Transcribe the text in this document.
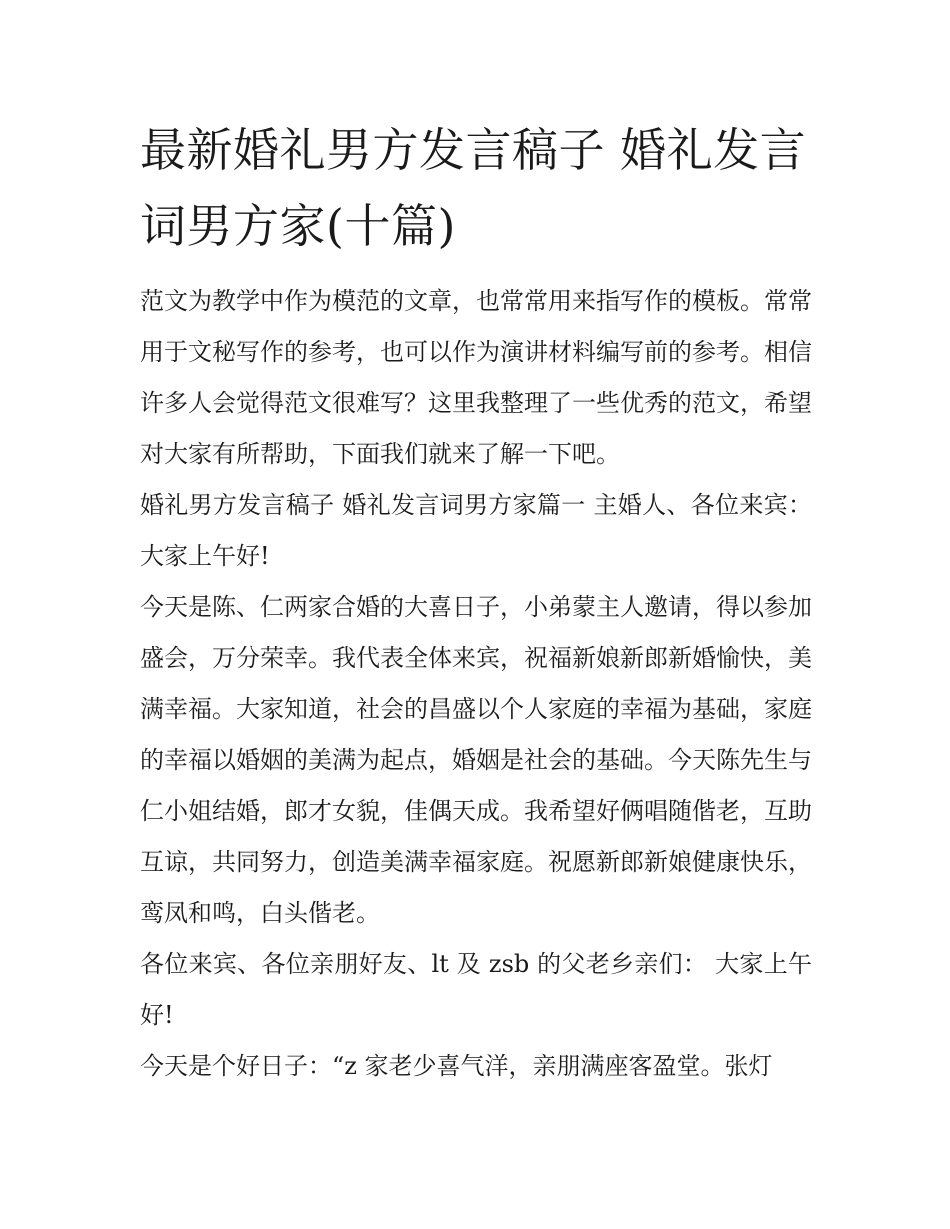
最新婚礼男方发言稿子 婚礼发言词男方家(十篇)

范文为教学中作为模范的文章，也常常用来指写作的模板。常常用于文秘写作的参考，也可以作为演讲材料编写前的参考。相信许多人会觉得范文很难写？这里我整理了一些优秀的范文，希望对大家有所帮助，下面我们就来了解一下吧。

婚礼男方发言稿子 婚礼发言词男方家篇一 主婚人、各位来宾： 大家上午好!

今天是陈、仁两家合婚的大喜日子，小弟蒙主人邀请，得以参加盛会，万分荣幸。我代表全体来宾，祝福新娘新郎新婚愉快，美满幸福。大家知道，社会的昌盛以个人家庭的幸福为基础，家庭的幸福以婚姻的美满为起点，婚姻是社会的基础。今天陈先生与仁小姐结婚，郎才女貌，佳偶天成。我希望好俩唱随偕老，互助互谅，共同努力，创造美满幸福家庭。祝愿新郎新娘健康快乐，鸾凤和鸣，白头偕老。

各位来宾、各位亲朋好友、lt 及 zsb 的父老乡亲们： 大家上午好!

今天是个好日子：“z 家老少喜气洋，亲朋满座客盈堂。张灯
